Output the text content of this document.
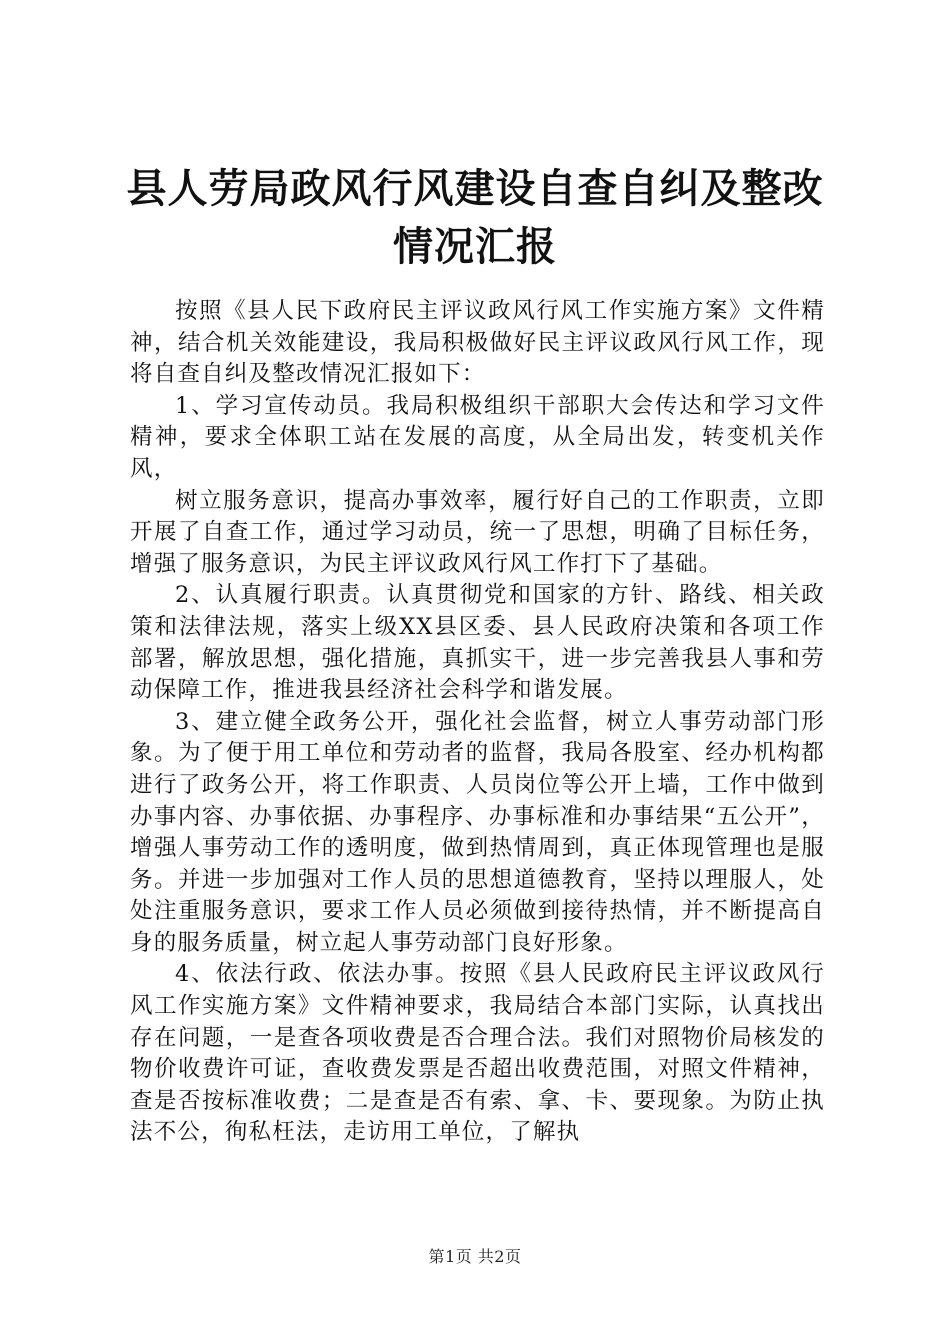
县人劳局政风行风建设自查自纠及整改情况汇报

按照《县人民下政府民主评议政风行风工作实施方案》文件精神，结合机关效能建设，我局积极做好民主评议政风行风工作，现将自查自纠及整改情况汇报如下：

1、学习宣传动员。我局积极组织干部职大会传达和学习文件精神，要求全体职工站在发展的高度，从全局出发，转变机关作风，

树立服务意识，提高办事效率，履行好自己的工作职责，立即开展了自查工作，通过学习动员，统一了思想，明确了目标任务，增强了服务意识，为民主评议政风行风工作打下了基础。

2、认真履行职责。认真贯彻党和国家的方针、路线、相关政策和法律法规，落实上级XX县区委、县人民政府决策和各项工作部署，解放思想，强化措施，真抓实干，进一步完善我县人事和劳动保障工作，推进我县经济社会科学和谐发展。

3、建立健全政务公开，强化社会监督，树立人事劳动部门形象。为了便于用工单位和劳动者的监督，我局各股室、经办机构都进行了政务公开，将工作职责、人员岗位等公开上墙，工作中做到办事内容、办事依据、办事程序、办事标准和办事结果“五公开”，增强人事劳动工作的透明度，做到热情周到，真正体现管理也是服务。并进一步加强对工作人员的思想道德教育，坚持以理服人，处处注重服务意识，要求工作人员必须做到接待热情，并不断提高自身的服务质量，树立起人事劳动部门良好形象。

4、依法行政、依法办事。按照《县人民政府民主评议政风行风工作实施方案》文件精神要求，我局结合本部门实际，认真找出存在问题，一是查各项收费是否合理合法。我们对照物价局核发的物价收费许可证，查收费发票是否超出收费范围，对照文件精神，查是否按标准收费；二是查是否有索、拿、卡、要现象。为防止执法不公，徇私枉法，走访用工单位，了解执

第1页 共2页
